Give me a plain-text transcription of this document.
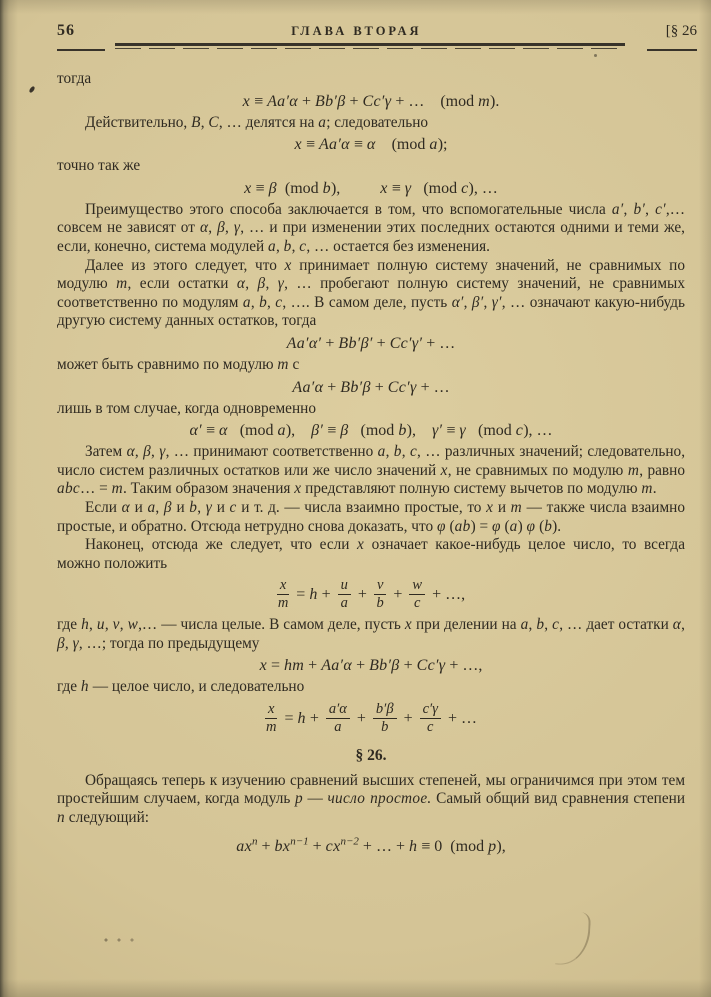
56	ГЛАВА ВТОРАЯ	[§ 26

тогда

x ≡ Aa′α + Bb′β + Cc′γ + …    (mod m).

Действительно, B, C, … делятся на a; следовательно

x ≡ Aa′α ≡ α    (mod a);

точно так же

x ≡ β  (mod b),          x ≡ γ   (mod c), …

Преимущество этого способа заключается в том, что вспомогательные числа a′, b′, c′,… совсем не зависят от α, β, γ, … и при изменении этих последних остаются одними и теми же, если, конечно, система модулей a, b, c, … остается без изменения.

Далее из этого следует, что x принимает полную систему значений, не сравнимых по модулю m, если остатки α, β, γ, … пробегают полную систему значений, не сравнимых соответственно по модулям a, b, c, …. В самом деле, пусть α′, β′, γ′, … означают какую-нибудь другую систему данных остатков, тогда

Aa′α′ + Bb′β′ + Cc′γ′ + …

может быть сравнимо по модулю m с

Aa′α + Bb′β + Cc′γ + …

лишь в том случае, когда одновременно

α′ ≡ α   (mod a),    β′ ≡ β   (mod b),    γ′ ≡ γ   (mod c), …

Затем α, β, γ, … принимают соответственно a, b, c, … различных значений; следовательно, число систем различных остатков или же число значений x, не сравнимых по модулю m, равно abc… = m. Таким образом значения x представляют полную систему вычетов по модулю m.

Если α и a, β и b, γ и c и т. д. — числа взаимно простые, то x и m — также числа взаимно простые, и обратно. Отсюда нетрудно снова доказать, что φ (ab) = φ (a) φ (b).

Наконец, отсюда же следует, что если x означает какое-нибудь целое число, то всегда можно положить

$\frac{x}{m} = h + \frac{u}{a} + \frac{v}{b} + \frac{w}{c}$ + …,

где h, u, v, w,… — числа целые. В самом деле, пусть x при делении на a, b, c, … дает остатки α, β, γ, …; тогда по предыдущему

x = hm + Aa′α + Bb′β + Cc′γ + …,

где h — целое число, и следовательно

$\frac{x}{m} = h + \frac{a'\alpha}{a} + \frac{b'\beta}{b} + \frac{c'\gamma}{c}$ + …

§ 26.

Обращаясь теперь к изучению сравнений высших степеней, мы ограничимся при этом тем простейшим случаем, когда модуль p — число простое. Самый общий вид сравнения степени n следующий:

$ax^n + bx^{n-1} + cx^{n-2}$ + … + h ≡ 0  (mod p),
